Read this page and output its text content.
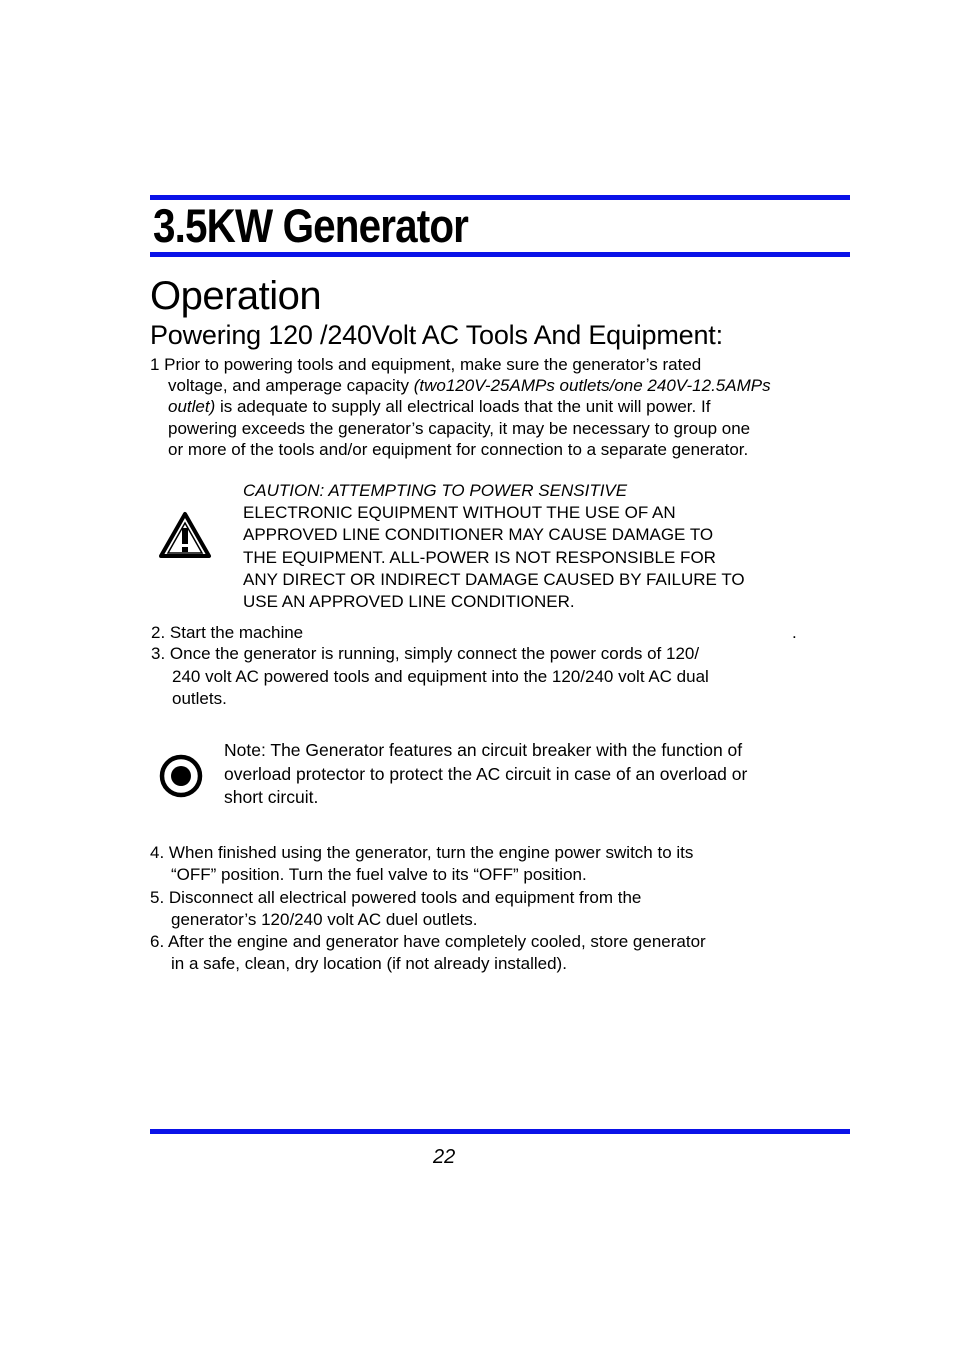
3.5KW Generator
Operation
Powering 120 /240Volt AC Tools And Equipment:
1 Prior to powering tools and equipment, make sure the generator’s rated
voltage, and amperage capacity (two120V-25AMPs outlets/one 240V-12.5AMPs
outlet) is adequate to supply all electrical loads that the unit will power. If
powering exceeds the generator’s capacity, it may be necessary to group one
or more of the tools and/or equipment for connection to a separate generator.
CAUTION: ATTEMPTING TO POWER SENSITIVE
ELECTRONIC EQUIPMENT WITHOUT THE USE OF AN
APPROVED LINE CONDITIONER MAY CAUSE DAMAGE TO
THE EQUIPMENT. ALL-POWER IS NOT RESPONSIBLE FOR
ANY DIRECT OR INDIRECT DAMAGE CAUSED BY FAILURE TO
USE AN APPROVED LINE CONDITIONER.
2. Start the machine	.
3. Once the generator is running, simply connect the power cords of 120/
240 volt AC powered tools and equipment into the 120/240 volt AC dual
outlets.
Note: The Generator features an circuit breaker with the function of
overload protector to protect the AC circuit in case of an overload or
short circuit.
4. When finished using the generator, turn the engine power switch to its
“OFF” position. Turn the fuel valve to its “OFF” position.
5. Disconnect all electrical powered tools and equipment from the
generator’s 120/240 volt AC duel outlets.
6. After the engine and generator have completely cooled, store generator
in a safe, clean, dry location (if not already installed).
22
